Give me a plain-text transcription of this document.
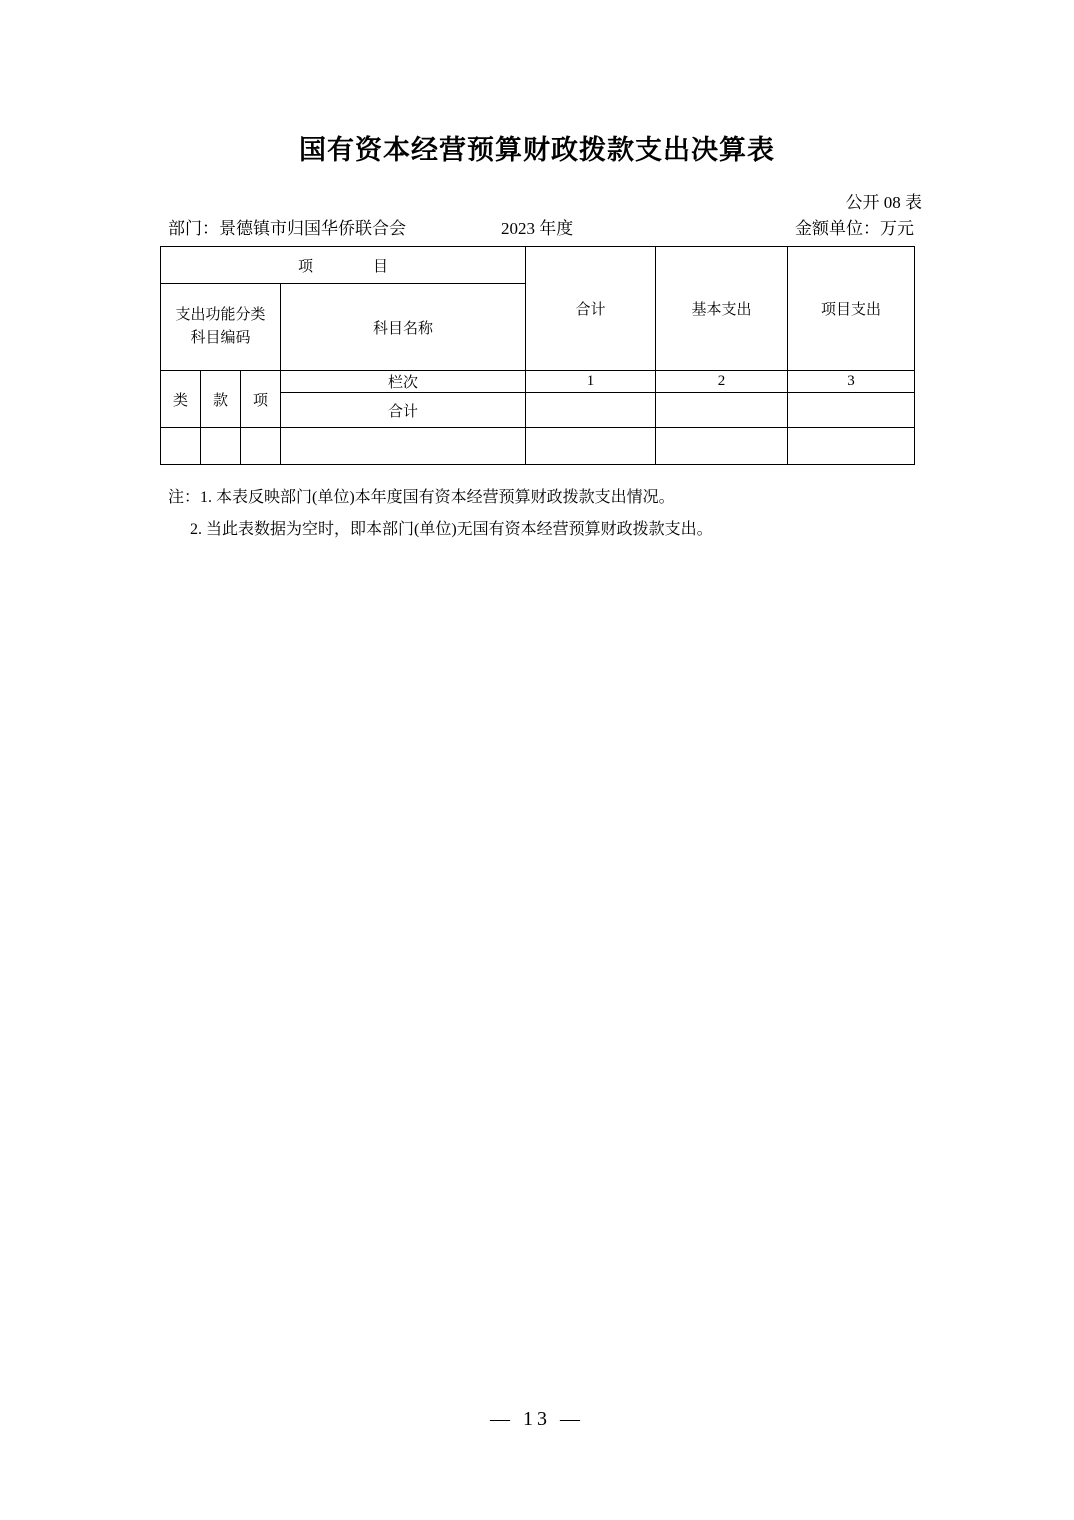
国有资本经营预算财政拨款支出决算表
公开 08 表
部门：景德镇市归国华侨联合会	2023 年度	金额单位：万元
项　　目				合计	基本支出	项目支出

支出功能分类
科目编码			科目名称			
类	款	项	栏次	1	2	3
			合计			

注：1. 本表反映部门(单位)本年度国有资本经营预算财政拨款支出情况。
2. 当此表数据为空时，即本部门(单位)无国有资本经营预算财政拨款支出。
— 13 —
